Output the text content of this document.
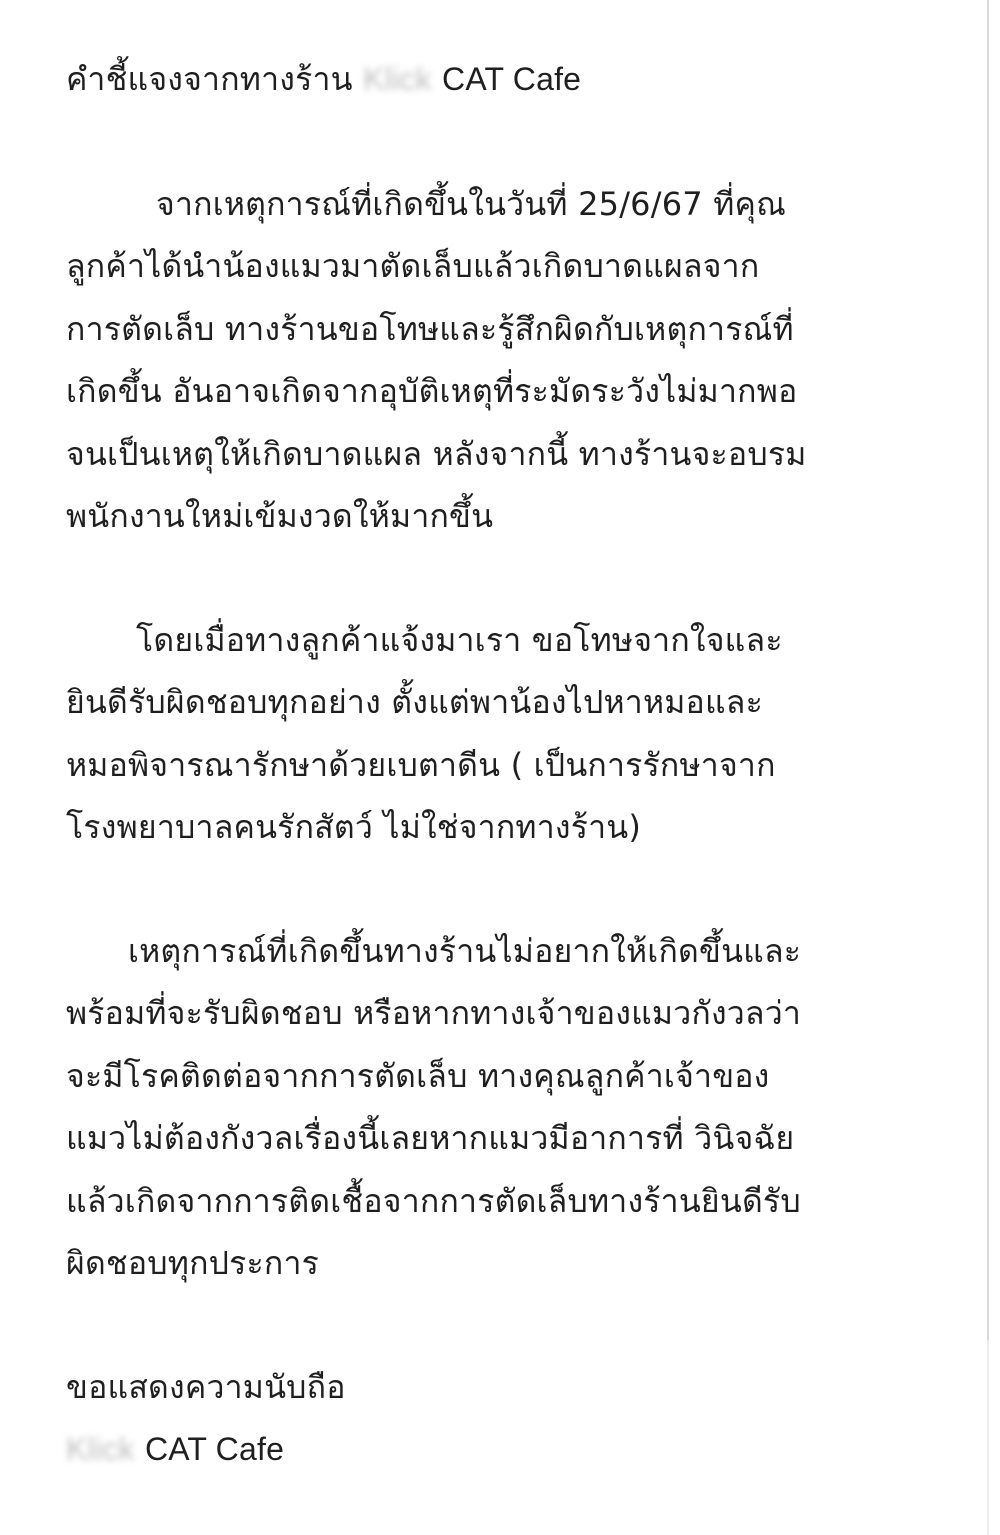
คำชี้แจงจากทางร้าน Klick CAT Cafe
จากเหตุการณ์ที่เกิดขึ้นในวันที่ 25/6/67 ที่คุณ
ลูกค้าได้นำน้องแมวมาตัดเล็บแล้วเกิดบาดแผลจาก
การตัดเล็บ ทางร้านขอโทษและรู้สึกผิดกับเหตุการณ์ที่
เกิดขึ้น อันอาจเกิดจากอุบัติเหตุที่ระมัดระวังไม่มากพอ
จนเป็นเหตุให้เกิดบาดแผล หลังจากนี้ ทางร้านจะอบรม
พนักงานใหม่เข้มงวดให้มากขึ้น
โดยเมื่อทางลูกค้าแจ้งมาเรา ขอโทษจากใจและ
ยินดีรับผิดชอบทุกอย่าง ตั้งแต่พาน้องไปหาหมอและ
หมอพิจารณารักษาด้วยเบตาดีน ( เป็นการรักษาจาก
โรงพยาบาลคนรักสัตว์ ไม่ใช่จากทางร้าน)
เหตุการณ์ที่เกิดขึ้นทางร้านไม่อยากให้เกิดขึ้นและ
พร้อมที่จะรับผิดชอบ หรือหากทางเจ้าของแมวกังวลว่า
จะมีโรคติดต่อจากการตัดเล็บ ทางคุณลูกค้าเจ้าของ
แมวไม่ต้องกังวลเรื่องนี้เลยหากแมวมีอาการที่ วินิจฉัย
แล้วเกิดจากการติดเชื้อจากการตัดเล็บทางร้านยินดีรับ
ผิดชอบทุกประการ
ขอแสดงความนับถือ
Klick CAT Cafe
